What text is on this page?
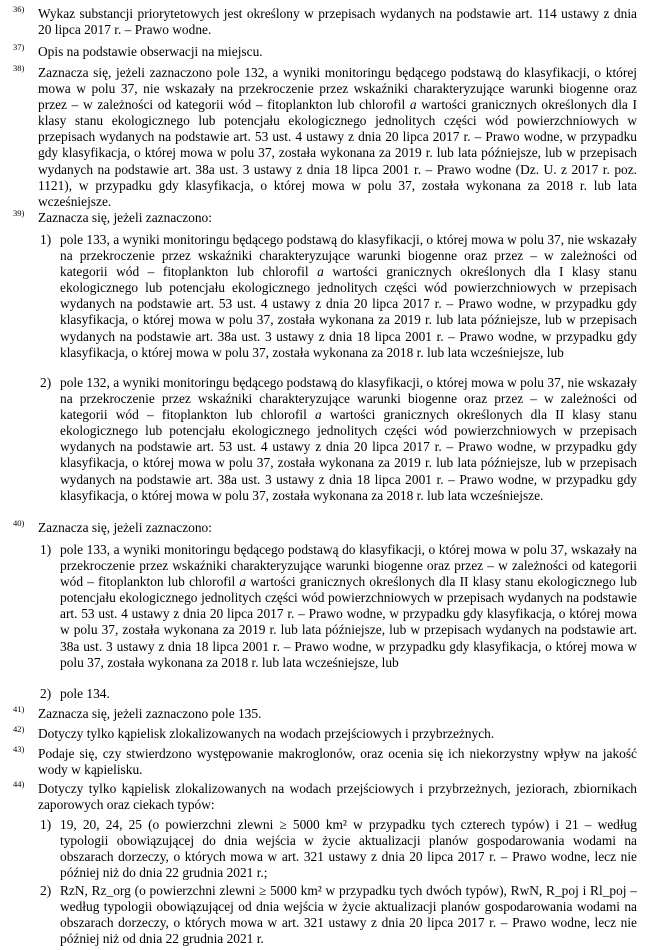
36) Wykaz substancji priorytetowych jest określony w przepisach wydanych na podstawie art. 114 ustawy z dnia 20 lipca 2017 r. – Prawo wodne.
37) Opis na podstawie obserwacji na miejscu.
38) Zaznacza się, jeżeli zaznaczono pole 132, a wyniki monitoringu będącego podstawą do klasyfikacji, o której mowa w polu 37, nie wskazały na przekroczenie przez wskaźniki charakteryzujące warunki biogenne oraz przez – w zależności od kategorii wód – fitoplankton lub chlorofil a wartości granicznych określonych dla I klasy stanu ekologicznego lub potencjału ekologicznego jednolitych części wód powierzchniowych w przepisach wydanych na podstawie art. 53 ust. 4 ustawy z dnia 20 lipca 2017 r. – Prawo wodne, w przypadku gdy klasyfikacja, o której mowa w polu 37, została wykonana za 2019 r. lub lata późniejsze, lub w przepisach wydanych na podstawie art. 38a ust. 3 ustawy z dnia 18 lipca 2001 r. – Prawo wodne (Dz. U. z 2017 r. poz. 1121), w przypadku gdy klasyfikacja, o której mowa w polu 37, została wykonana za 2018 r. lub lata wcześniejsze.
39) Zaznacza się, jeżeli zaznaczono:
1) pole 133, a wyniki monitoringu będącego podstawą do klasyfikacji, o której mowa w polu 37, nie wskazały na przekroczenie przez wskaźniki charakteryzujące warunki biogenne oraz przez – w zależności od kategorii wód – fitoplankton lub chlorofil a wartości granicznych określonych dla I klasy stanu ekologicznego lub potencjału ekologicznego jednolitych części wód powierzchniowych w przepisach wydanych na podstawie art. 53 ust. 4 ustawy z dnia 20 lipca 2017 r. – Prawo wodne, w przypadku gdy klasyfikacja, o której mowa w polu 37, została wykonana za 2019 r. lub lata późniejsze, lub w przepisach wydanych na podstawie art. 38a ust. 3 ustawy z dnia 18 lipca 2001 r. – Prawo wodne, w przypadku gdy klasyfikacja, o której mowa w polu 37, została wykonana za 2018 r. lub lata wcześniejsze, lub
2) pole 132, a wyniki monitoringu będącego podstawą do klasyfikacji, o której mowa w polu 37, nie wskazały na przekroczenie przez wskaźniki charakteryzujące warunki biogenne oraz przez – w zależności od kategorii wód – fitoplankton lub chlorofil a wartości granicznych określonych dla II klasy stanu ekologicznego lub potencjału ekologicznego jednolitych części wód powierzchniowych w przepisach wydanych na podstawie art. 53 ust. 4 ustawy z dnia 20 lipca 2017 r. – Prawo wodne, w przypadku gdy klasyfikacja, o której mowa w polu 37, została wykonana za 2019 r. lub lata późniejsze, lub w przepisach wydanych na podstawie art. 38a ust. 3 ustawy z dnia 18 lipca 2001 r. – Prawo wodne, w przypadku gdy klasyfikacja, o której mowa w polu 37, została wykonana za 2018 r. lub lata wcześniejsze.
40) Zaznacza się, jeżeli zaznaczono:
1) pole 133, a wyniki monitoringu będącego podstawą do klasyfikacji, o której mowa w polu 37, wskazały na przekroczenie przez wskaźniki charakteryzujące warunki biogenne oraz przez – w zależności od kategorii wód – fitoplankton lub chlorofil a wartości granicznych określonych dla II klasy stanu ekologicznego lub potencjału ekologicznego jednolitych części wód powierzchniowych w przepisach wydanych na podstawie art. 53 ust. 4 ustawy z dnia 20 lipca 2017 r. – Prawo wodne, w przypadku gdy klasyfikacja, o której mowa w polu 37, została wykonana za 2019 r. lub lata późniejsze, lub w przepisach wydanych na podstawie art. 38a ust. 3 ustawy z dnia 18 lipca 2001 r. – Prawo wodne, w przypadku gdy klasyfikacja, o której mowa w polu 37, została wykonana za 2018 r. lub lata wcześniejsze, lub
2) pole 134.
41) Zaznacza się, jeżeli zaznaczono pole 135.
42) Dotyczy tylko kąpielisk zlokalizowanych na wodach przejściowych i przybrzeżnych.
43) Podaje się, czy stwierdzono występowanie makroglonów, oraz ocenia się ich niekorzystny wpływ na jakość wody w kąpielisku.
44) Dotyczy tylko kąpielisk zlokalizowanych na wodach przejściowych i przybrzeżnych, jeziorach, zbiornikach zaporowych oraz ciekach typów:
1) 19, 20, 24, 25 (o powierzchni zlewni ≥ 5000 km² w przypadku tych czterech typów) i 21 – według typologii obowiązującej do dnia wejścia w życie aktualizacji planów gospodarowania wodami na obszarach dorzeczy, o których mowa w art. 321 ustawy z dnia 20 lipca 2017 r. – Prawo wodne, lecz nie później niż do dnia 22 grudnia 2021 r.;
2) RzN, Rz_org (o powierzchni zlewni ≥ 5000 km² w przypadku tych dwóch typów), RwN, R_poj i Rl_poj – według typologii obowiązującej od dnia wejścia w życie aktualizacji planów gospodarowania wodami na obszarach dorzeczy, o których mowa w art. 321 ustawy z dnia 20 lipca 2017 r. – Prawo wodne, lecz nie później niż od dnia 22 grudnia 2021 r.
